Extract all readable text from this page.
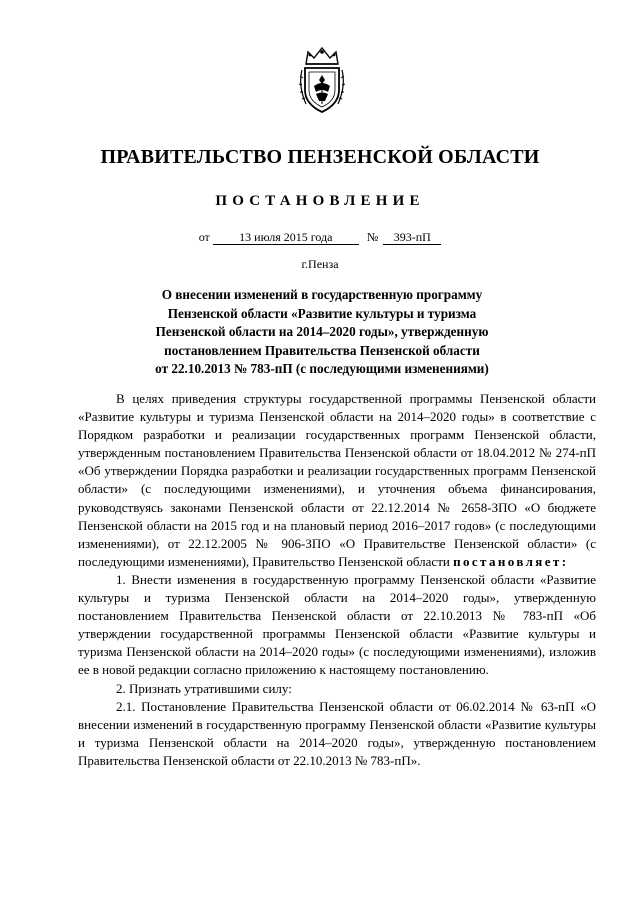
ПРАВИТЕЛЬСТВО ПЕНЗЕНСКОЙ ОБЛАСТИ
ПОСТАНОВЛЕНИЕ
от 13 июля 2015 года	№ 393-пП
г.Пенза
О внесении изменений в государственную программу
Пензенской области «Развитие культуры и туризма
Пензенской области на 2014–2020 годы», утвержденную
постановлением Правительства Пензенской области
от 22.10.2013 № 783-пП (с последующими изменениями)

В целях приведения структуры государственной программы Пензенской области «Развитие культуры и туризма Пензенской области на 2014–2020 годы» в соответствие с Порядком разработки и реализации государственных программ Пензенской области, утвержденным постановлением Правительства Пензенской области от 18.04.2012 № 274-пП «Об утверждении Порядка разработки и реализации государственных программ Пензенской области» (с последующими изменениями), и уточнения объема финансирования, руководствуясь законами Пензенской области от 22.12.2014 № 2658-ЗПО «О бюджете Пензенской области на 2015 год и на плановый период 2016–2017 годов» (с последующими изменениями), от 22.12.2005 № 906-ЗПО «О Правительстве Пензенской области» (с последующими изменениями), Правительство Пензенской области постановляет:

1. Внести изменения в государственную программу Пензенской области «Развитие культуры и туризма Пензенской области на 2014–2020 годы», утвержденную постановлением Правительства Пензенской области от 22.10.2013 № 783-пП «Об утверждении государственной программы Пензенской области «Развитие культуры и туризма Пензенской области на 2014–2020 годы» (с последующими изменениями), изложив ее в новой редакции согласно приложению к настоящему постановлению.

2. Признать утратившими силу:

2.1. Постановление Правительства Пензенской области от 06.02.2014 № 63-пП «О внесении изменений в государственную программу Пензенской области «Развитие культуры и туризма Пензенской области на 2014–2020 годы», утвержденную постановлением Правительства Пензенской области от 22.10.2013 № 783-пП».
